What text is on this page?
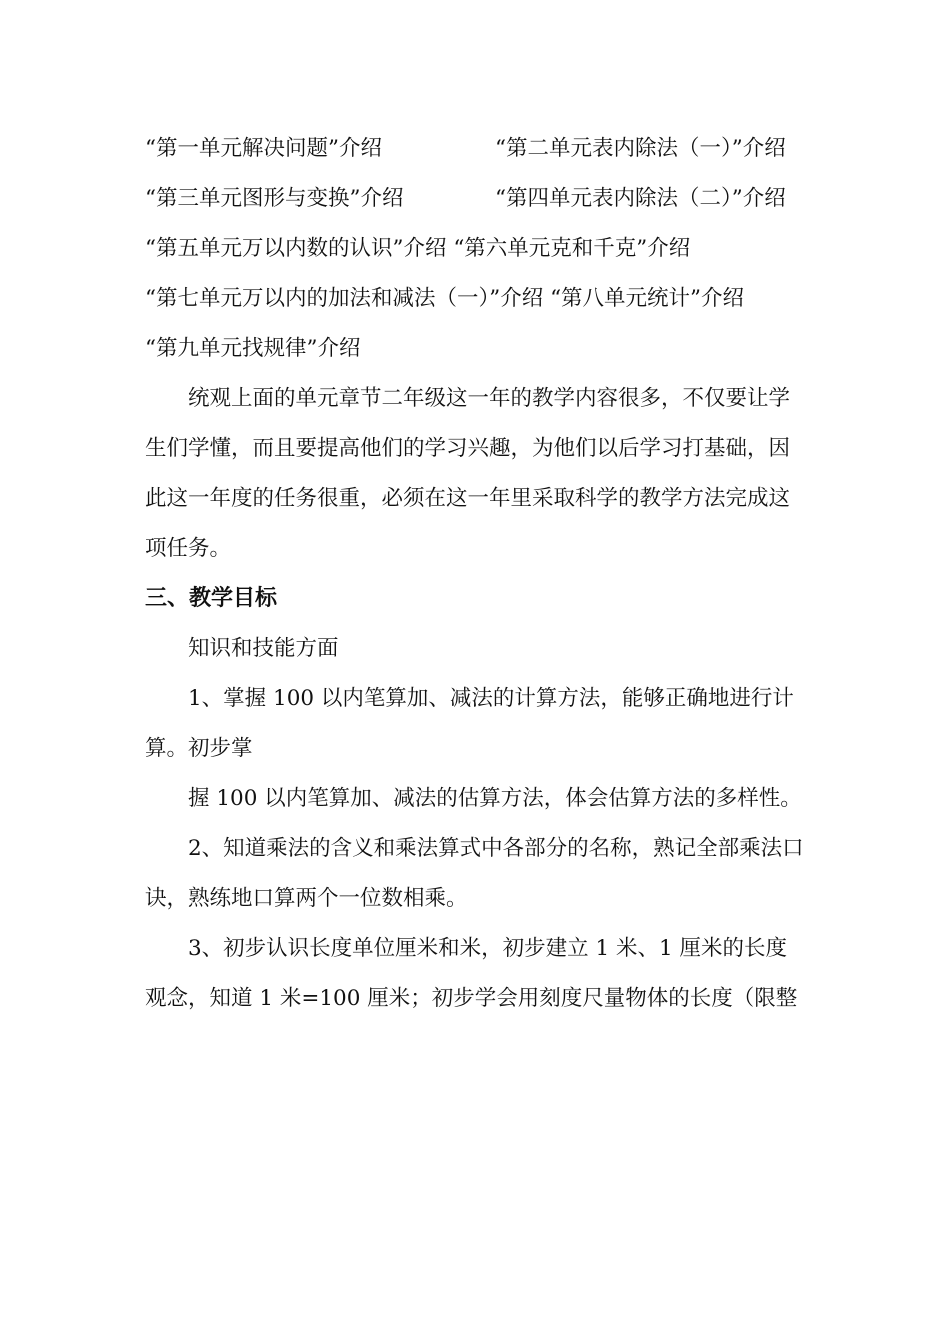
“第一单元解决问题”介绍	“第二单元表内除法（一）”介绍
“第三单元图形与变换”介绍	“第四单元表内除法（二）”介绍

“第五单元万以内数的认识”介绍 “第六单元克和千克”介绍

“第七单元万以内的加法和减法（一）”介绍 “第八单元统计”介绍

“第九单元找规律”介绍

统观上面的单元章节二年级这一年的教学内容很多，不仅要让学生们学懂，而且要提高他们的学习兴趣，为他们以后学习打基础，因此这一年度的任务很重，必须在这一年里采取科学的教学方法完成这项任务。

三、教学目标

知识和技能方面

1、掌握 100 以内笔算加、减法的计算方法，能够正确地进行计算。初步掌

握 100 以内笔算加、减法的估算方法，体会估算方法的多样性。

2、知道乘法的含义和乘法算式中各部分的名称，熟记全部乘法口诀，熟练地口算两个一位数相乘。

3、初步认识长度单位厘米和米，初步建立 1 米、1 厘米的长度观念，知道 1 米=100 厘米；初步学会用刻度尺量物体的长度（限整
